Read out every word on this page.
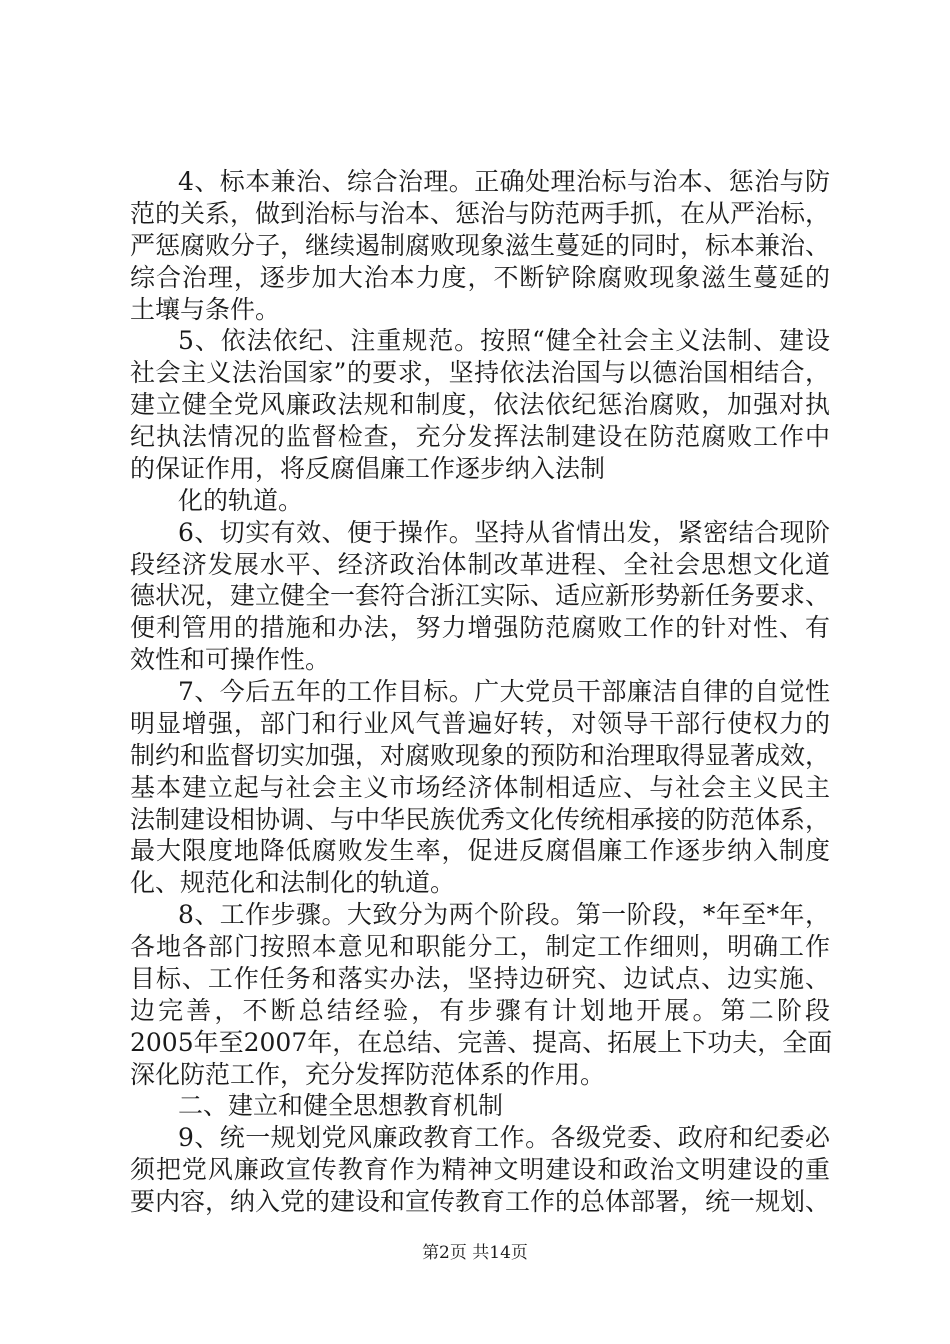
4、标本兼治、综合治理。正确处理治标与治本、惩治与防
范的关系，做到治标与治本、惩治与防范两手抓，在从严治标，
严惩腐败分子，继续遏制腐败现象滋生蔓延的同时，标本兼治、
综合治理，逐步加大治本力度，不断铲除腐败现象滋生蔓延的
土壤与条件。
5、依法依纪、注重规范。按照“健全社会主义法制、建设
社会主义法治国家”的要求，坚持依法治国与以德治国相结合，
建立健全党风廉政法规和制度，依法依纪惩治腐败，加强对执
纪执法情况的监督检查，充分发挥法制建设在防范腐败工作中
的保证作用，将反腐倡廉工作逐步纳入法制
化的轨道。
6、切实有效、便于操作。坚持从省情出发，紧密结合现阶
段经济发展水平、经济政治体制改革进程、全社会思想文化道
德状况，建立健全一套符合浙江实际、适应新形势新任务要求、
便利管用的措施和办法，努力增强防范腐败工作的针对性、有
效性和可操作性。
7、今后五年的工作目标。广大党员干部廉洁自律的自觉性
明显增强，部门和行业风气普遍好转，对领导干部行使权力的
制约和监督切实加强，对腐败现象的预防和治理取得显著成效，
基本建立起与社会主义市场经济体制相适应、与社会主义民主
法制建设相协调、与中华民族优秀文化传统相承接的防范体系，
最大限度地降低腐败发生率，促进反腐倡廉工作逐步纳入制度
化、规范化和法制化的轨道。
8、工作步骤。大致分为两个阶段。第一阶段，*年至*年，
各地各部门按照本意见和职能分工，制定工作细则，明确工作
目标、工作任务和落实办法，坚持边研究、边试点、边实施、
边完善，不断总结经验，有步骤有计划地开展。第二阶段
2005年至2007年，在总结、完善、提高、拓展上下功夫，全面
深化防范工作，充分发挥防范体系的作用。
二、建立和健全思想教育机制
9、统一规划党风廉政教育工作。各级党委、政府和纪委必
须把党风廉政宣传教育作为精神文明建设和政治文明建设的重
要内容，纳入党的建设和宣传教育工作的总体部署，统一规划、
第2页 共14页
